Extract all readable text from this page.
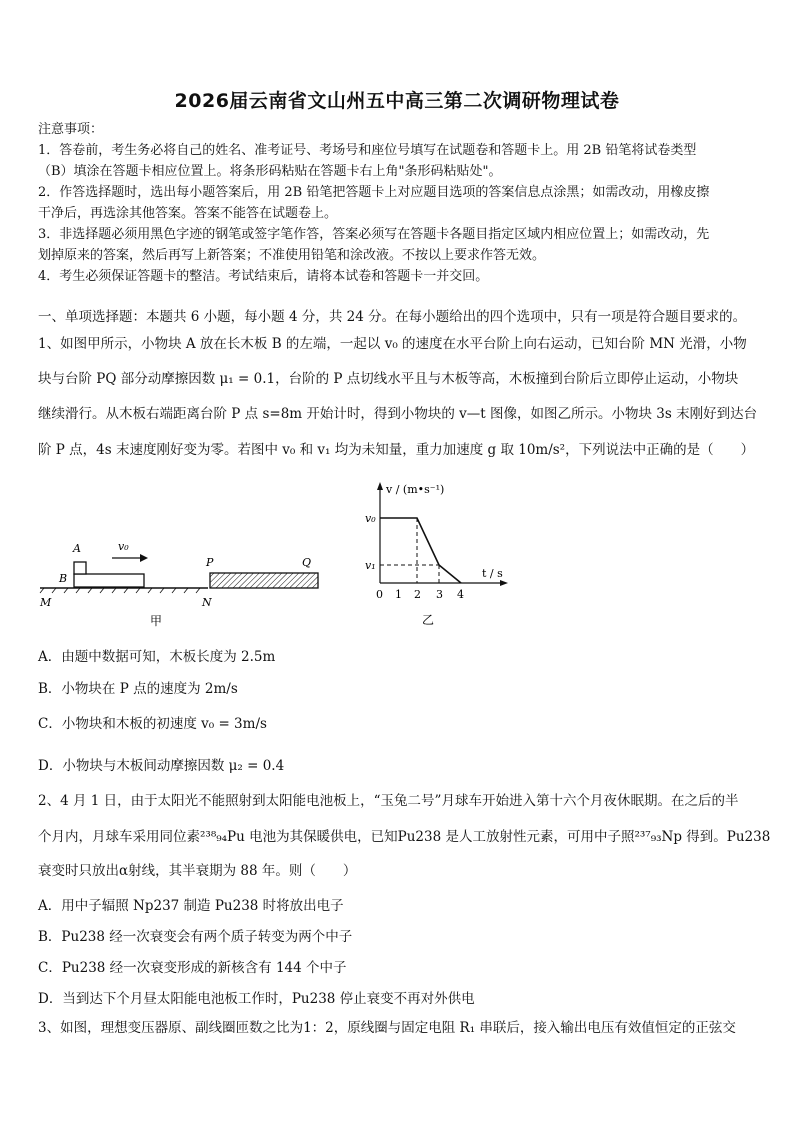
2026届云南省文山州五中高三第二次调研物理试卷
注意事项：
1．答卷前，考生务必将自己的姓名、准考证号、考场号和座位号填写在试题卷和答题卡上。用 2B 铅笔将试卷类型
（B）填涂在答题卡相应位置上。将条形码粘贴在答题卡右上角"条形码粘贴处"。
2．作答选择题时，选出每小题答案后，用 2B 铅笔把答题卡上对应题目选项的答案信息点涂黑；如需改动，用橡皮擦
干净后，再选涂其他答案。答案不能答在试题卷上。
3．非选择题必须用黑色字迹的钢笔或签字笔作答，答案必须写在答题卡各题目指定区域内相应位置上；如需改动，先
划掉原来的答案，然后再写上新答案；不准使用铅笔和涂改液。不按以上要求作答无效。
4．考生必须保证答题卡的整洁。考试结束后，请将本试卷和答题卡一并交回。
一、单项选择题：本题共 6 小题，每小题 4 分，共 24 分。在每小题给出的四个选项中，只有一项是符合题目要求的。
1、如图甲所示，小物块 A 放在长木板 B 的左端，一起以 v₀ 的速度在水平台阶上向右运动，已知台阶 MN 光滑，小物
块与台阶 PQ 部分动摩擦因数 μ₁ = 0.1，台阶的 P 点切线水平且与木板等高，木板撞到台阶后立即停止运动，小物块
继续滑行。从木板右端距离台阶 P 点 s=8m 开始计时，得到小物块的 v—t 图像，如图乙所示。小物块 3s 末刚好到达台
阶 P 点，4s 末速度刚好变为零。若图中 v₀ 和 v₁ 均为未知量，重力加速度 g 取 10m/s²，下列说法中正确的是（　　）
A
B
v₀
M	N
P	Q
甲
v / (m•s⁻¹)
t / s
v₀
v₁
0 1 2 3 4
乙
A．由题中数据可知，木板长度为 2.5m
B．小物块在 P 点的速度为 2m/s
C．小物块和木板的初速度 v₀ = 3m/s
D．小物块与木板间动摩擦因数 μ₂ = 0.4
2、4 月 1 日，由于太阳光不能照射到太阳能电池板上，“玉兔二号”月球车开始进入第十六个月夜休眠期。在之后的半
个月内，月球车采用同位素²³⁸₉₄Pu 电池为其保暖供电，已知Pu238 是人工放射性元素，可用中子照²³⁷₉₃Np 得到。Pu238
衰变时只放出α射线，其半衰期为 88 年。则（　　）
A．用中子辐照 Np237 制造 Pu238 时将放出电子
B．Pu238 经一次衰变会有两个质子转变为两个中子
C．Pu238 经一次衰变形成的新核含有 144 个中子
D．当到达下个月昼太阳能电池板工作时，Pu238 停止衰变不再对外供电
3、如图，理想变压器原、副线圈匝数之比为1：2，原线圈与固定电阻 R₁ 串联后，接入输出电压有效值恒定的正弦交
